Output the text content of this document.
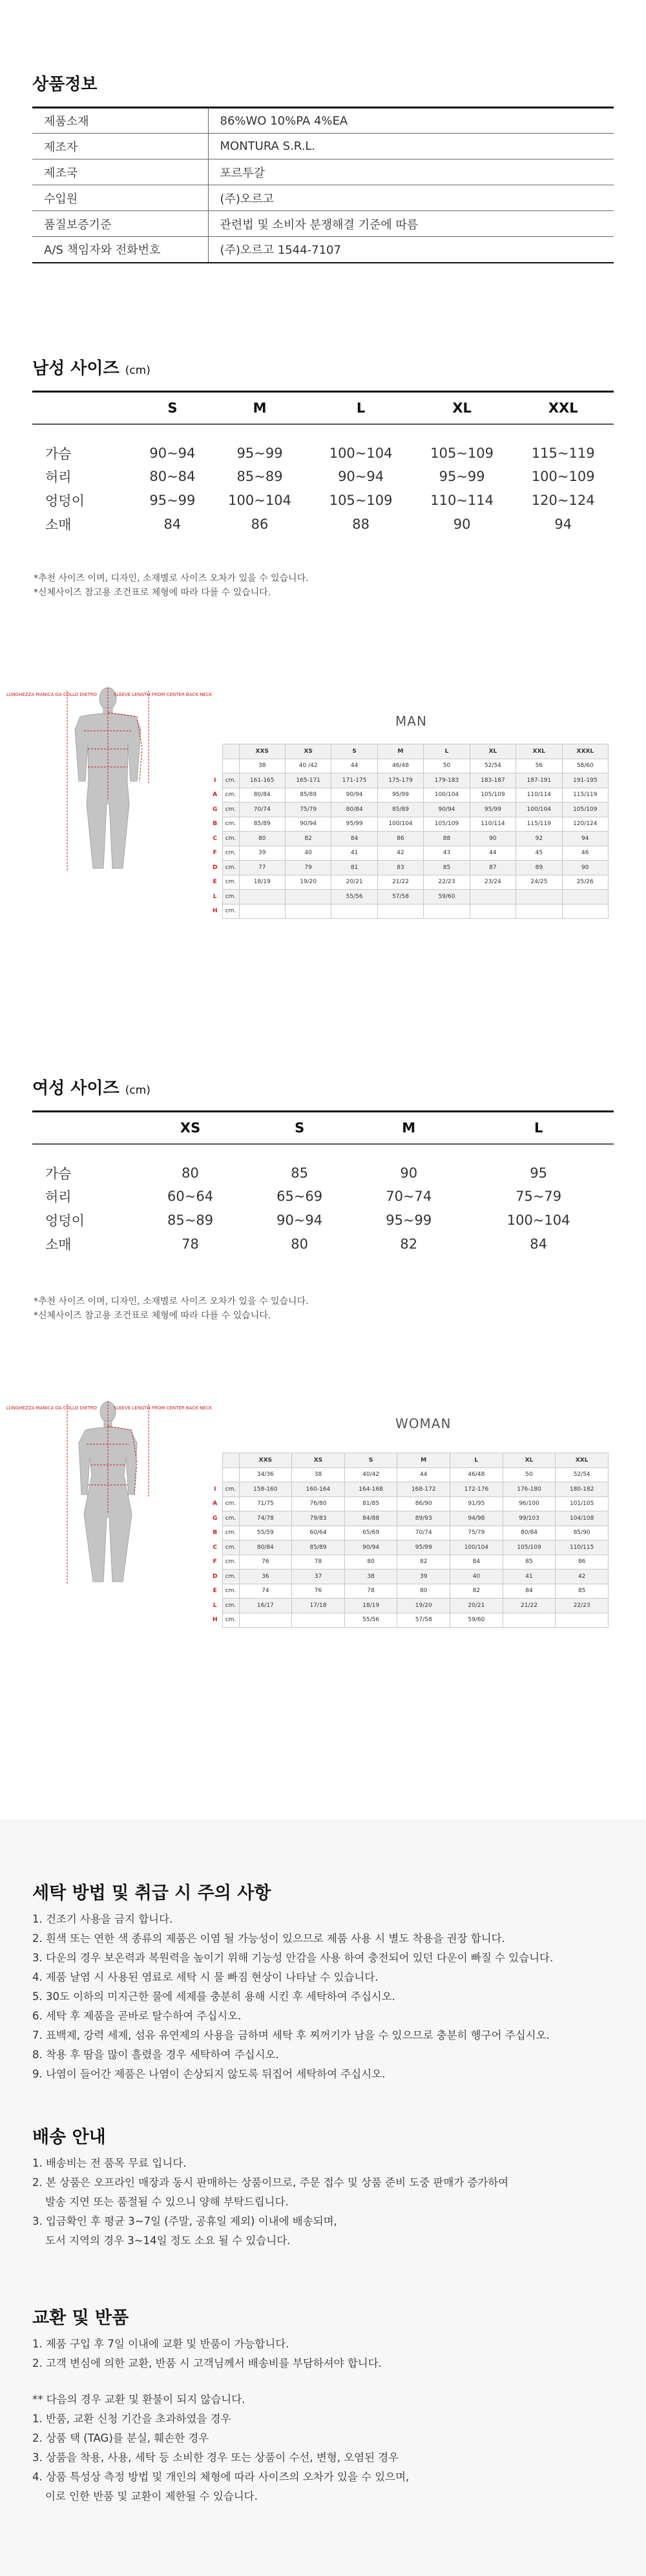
상품정보
제품소재	86%WO 10%PA 4%EA
제조자	MONTURA S.R.L.
제조국	포르투갈
수입원	(주)오르고
품질보증기준	관련법 및 소비자 분쟁해결 기준에 따름
A/S 책임자와 전화번호	(주)오르고 1544-7107
남성 사이즈 (cm)
	S	M	L	XL	XXL
가슴	90~94	95~99	100~104	105~109	115~119
허리	80~84	85~89	90~94	95~99	100~109
엉덩이	95~99	100~104	105~109	110~114	120~124
소매	84	86	88	90	94
*추천 사이즈 이며, 디자인, 소재별로 사이즈 오차가 있을 수 있습니다.
*신체사이즈 참고용 조건표로 체형에 따라 다를 수 있습니다.
LUNGHEZZA MANICA DA COLLO DIETRO	SLEEVE LENGTH FROM CENTER BACK NECK
MAN
		XXS	XS	S	M	L	XL	XXL	XXXL
		38	40 /42	44	46/48	50	52/54	56	58/60
I	cm.	161-165	165-171	171-175	175-179	179-183	183-187	187-191	191-195
A	cm.	80/84	85/89	90/94	95/99	100/104	105/109	110/114	115/119
G	cm.	70/74	75/79	80/84	85/89	90/94	95/99	100/104	105/109
B	cm.	85/89	90/94	95/99	100/104	105/109	110/114	115/119	120/124
C	cm.	80	82	84	86	88	90	92	94
F	cm.	39	40	41	42	43	44	45	46
D	cm.	77	79	81	83	85	87	89	90
E	cm.	18/19	19/20	20/21	21/22	22/23	23/24	24/25	25/26
L	cm.			55/56	57/58	59/60			
H	cm.								
여성 사이즈 (cm)
	XS	S	M	L
가슴	80	85	90	95
허리	60~64	65~69	70~74	75~79
엉덩이	85~89	90~94	95~99	100~104
소매	78	80	82	84
*추천 사이즈 이며, 디자인, 소재별로 사이즈 오차가 있을 수 있습니다.
*신체사이즈 참고용 조건표로 체형에 따라 다를 수 있습니다.
LUNGHEZZA MANICA DA COLLO DIETRO	SLEEVE LENGTH FROM CENTER BACK NECK
WOMAN
		XXS	XS	S	M	L	XL	XXL
		34/36	38	40/42	44	46/48	50	52/54
I	cm.	158-160	160-164	164-168	168-172	172-176	176-180	180-182
A	cm.	71/75	76/80	81/85	86/90	91/95	96/100	101/105
G	cm.	74/78	79/83	84/88	89/93	94/98	99/103	104/108
B	cm.	55/59	60/64	65/69	70/74	75/79	80/84	85/90
C	cm.	80/84	85/89	90/94	95/99	100/104	105/109	110/115
F	cm.	76	78	80	82	84	85	86
D	cm.	36	37	38	39	40	41	42
E	cm.	74	76	78	80	82	84	85
L	cm.	16/17	17/18	18/19	19/20	20/21	21/22	22/23
H	cm.			55/56	57/58	59/60		
세탁 방법 및 취급 시 주의 사항
1. 건조기 사용을 금지 합니다.
2. 흰색 또는 연한 색 종류의 제품은 이염 될 가능성이 있으므로 제품 사용 시 별도 착용을 권장 합니다.
3. 다운의 경우 보온력과 복원력을 높이기 위해 기능성 안감을 사용 하여 충전되어 있던 다운이 빠질 수 있습니다.
4. 제품 날염 시 사용된 염료로 세탁 시 물 빠짐 현상이 나타날 수 있습니다.
5. 30도 이하의 미지근한 물에 세제를 충분히 용해 시킨 후 세탁하여 주십시오.
6. 세탁 후 제품을 곧바로 탈수하여 주십시오.
7. 표백제, 강력 세제, 섬유 유연제의 사용을 금하며 세탁 후 찌꺼기가 남을 수 있으므로 충분히 헹구어 주십시오.
8. 착용 후 땀을 많이 흘렸을 경우 세탁하여 주십시오.
9. 나염이 들어간 제품은 나염이 손상되지 않도록 뒤집어 세탁하여 주십시오.
배송 안내
1. 배송비는 전 품목 무료 입니다.
2. 본 상품은 오프라인 매장과 동시 판매하는 상품이므로, 주문 접수 및 상품 준비 도중 판매가 증가하여
발송 지연 또는 품절될 수 있으니 양해 부탁드립니다.
3. 입금확인 후 평균 3~7일 (주말, 공휴일 제외) 이내에 배송되며,
도서 지역의 경우 3~14일 정도 소요 될 수 있습니다.
교환 및 반품
1. 제품 구입 후 7일 이내에 교환 및 반품이 가능합니다.
2. 고객 변심에 의한 교환, 반품 시 고객님께서 배송비를 부담하셔야 합니다.
** 다음의 경우 교환 및 환불이 되지 않습니다.
1. 반품, 교환 신청 기간을 초과하였을 경우
2. 상품 택 (TAG)를 분실, 훼손한 경우
3. 상품을 착용, 사용, 세탁 등 소비한 경우 또는 상품이 수선, 변형, 오염된 경우
4. 상품 특성상 측정 방법 및 개인의 체형에 따라 사이즈의 오차가 있을 수 있으며,
이로 인한 반품 및 교환이 제한될 수 있습니다.
